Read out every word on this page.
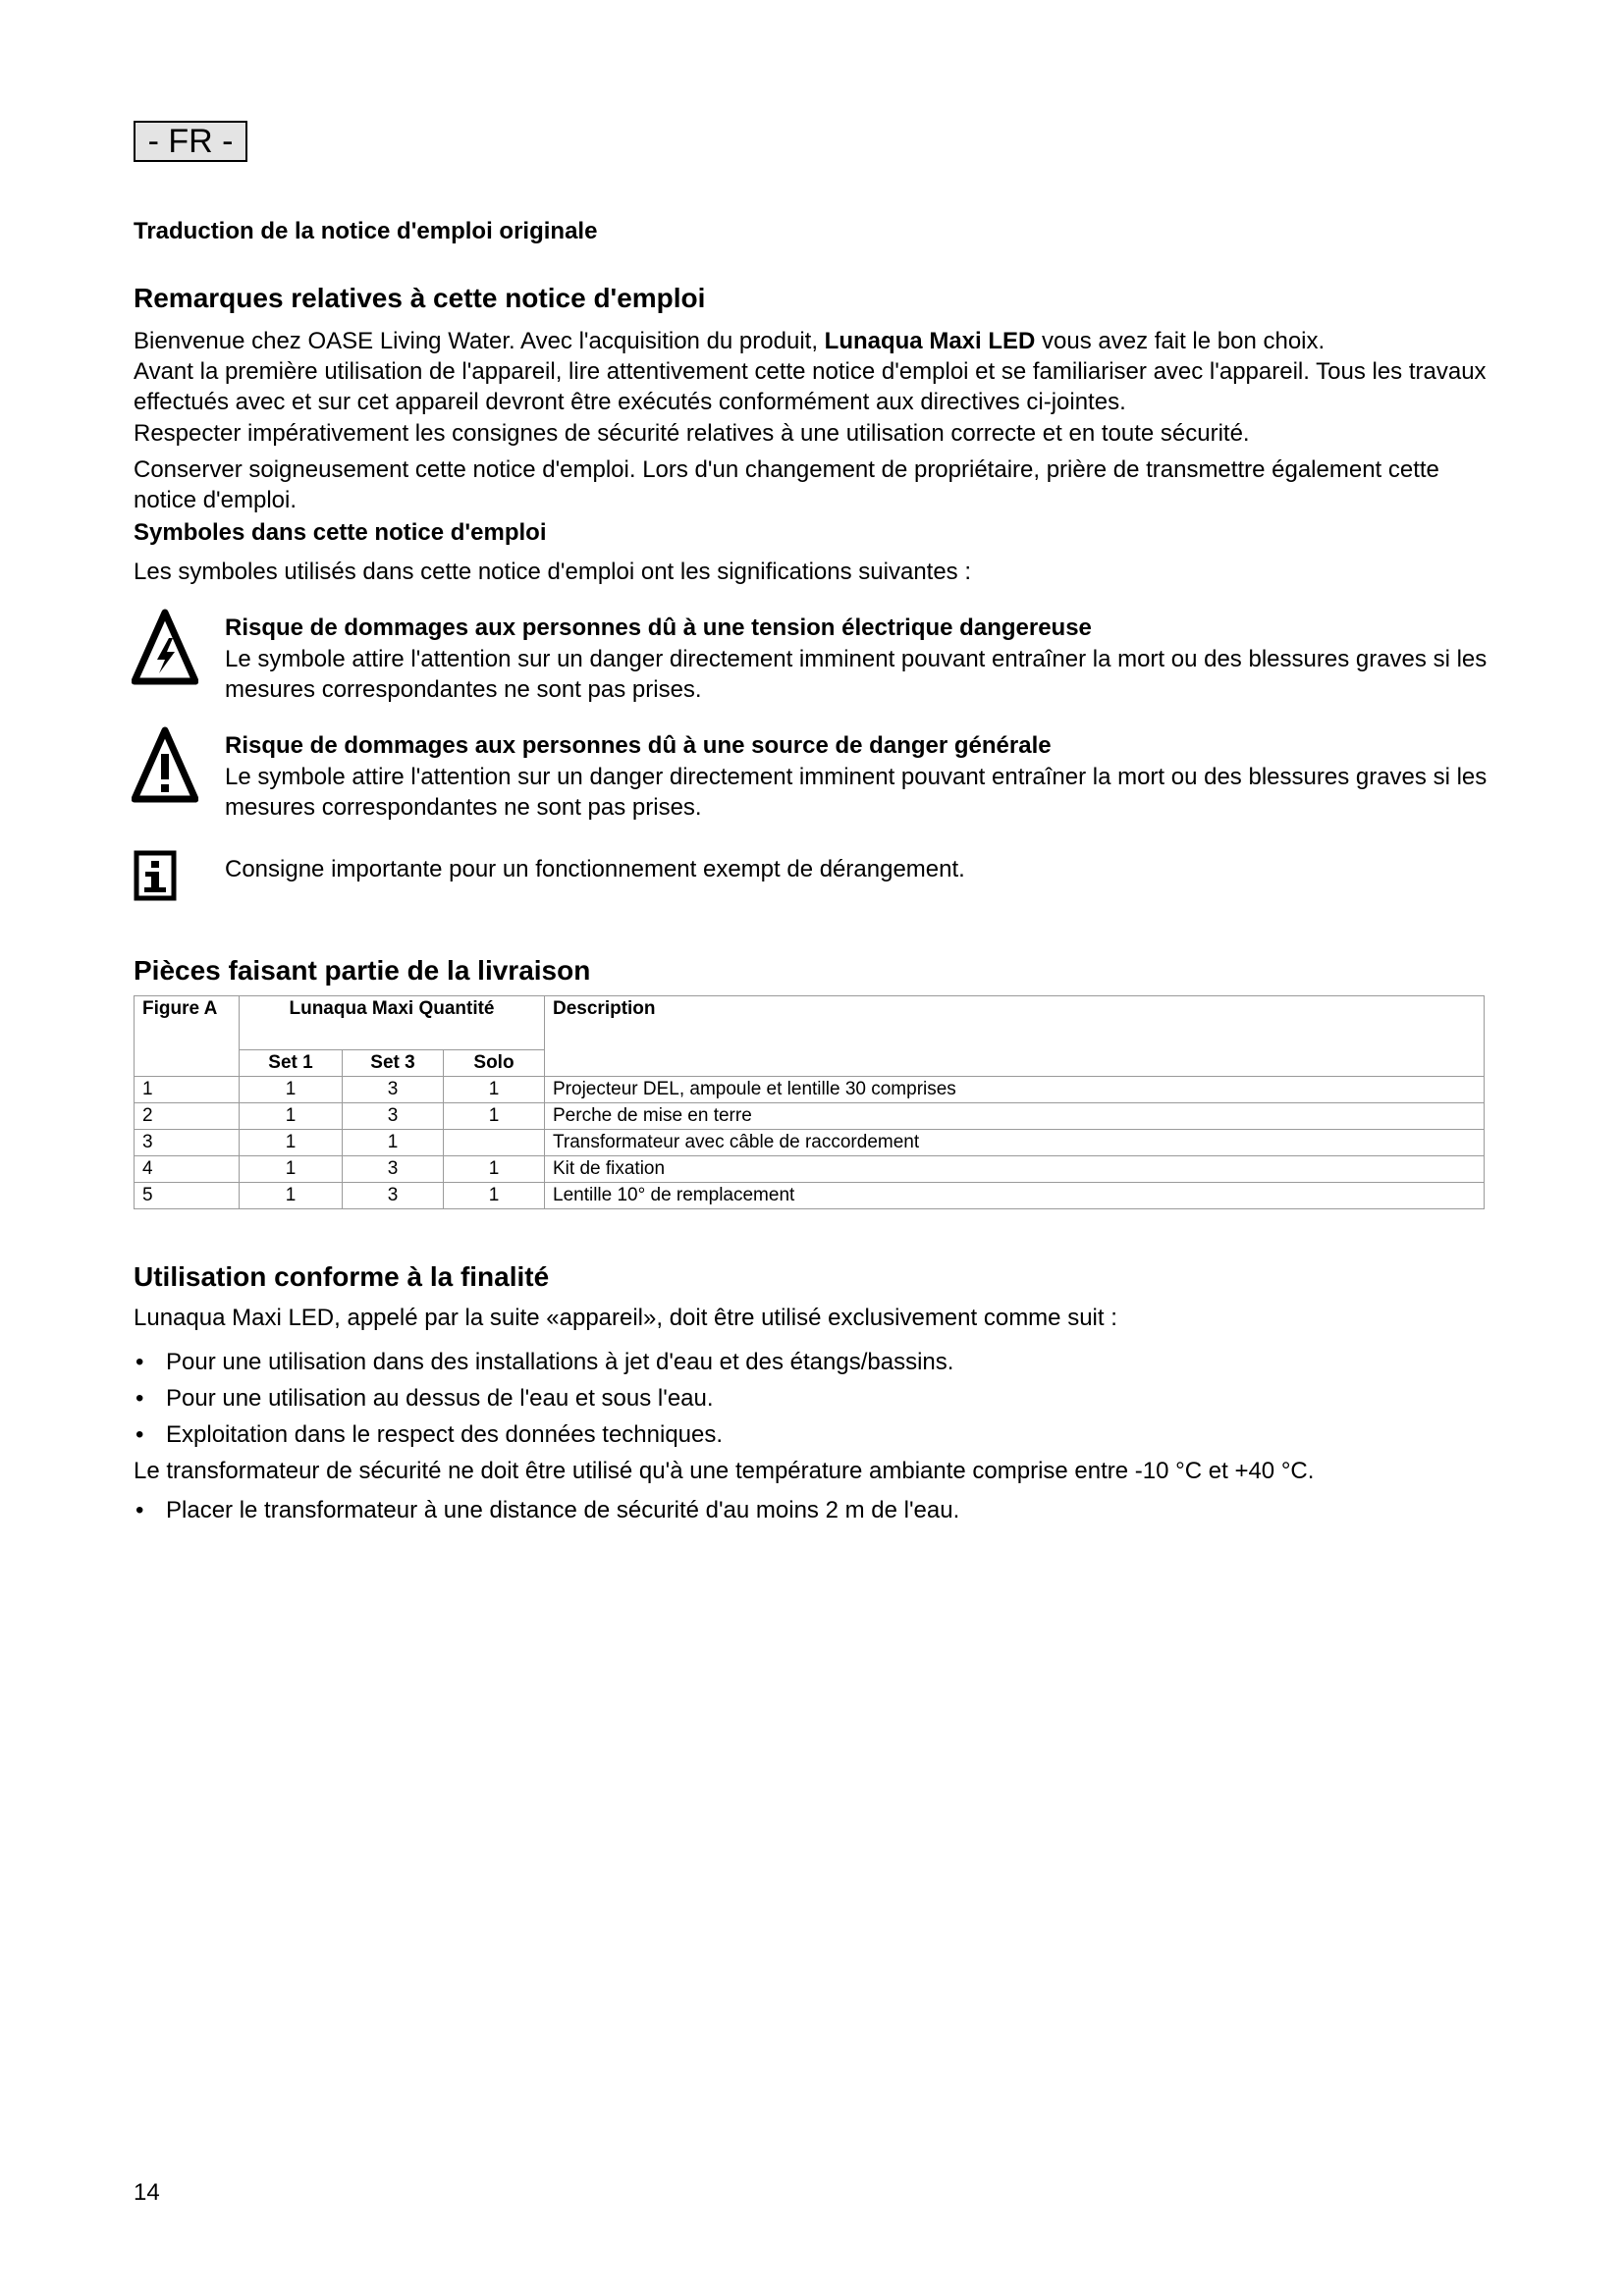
- FR -
Traduction de la notice d'emploi originale
Remarques relatives à cette notice d'emploi
Bienvenue chez OASE Living Water. Avec l'acquisition du produit, Lunaqua Maxi LED vous avez fait le bon choix.
Avant la première utilisation de l'appareil, lire attentivement cette notice d'emploi et se familiariser avec l'appareil. Tous les travaux effectués avec et sur cet appareil devront être exécutés conformément aux directives ci-jointes.
Respecter impérativement les consignes de sécurité relatives à une utilisation correcte et en toute sécurité.
Conserver soigneusement cette notice d'emploi. Lors d'un changement de propriétaire, prière de transmettre également cette notice d'emploi.
Symboles dans cette notice d'emploi
Les symboles utilisés dans cette notice d'emploi ont les significations suivantes :
Risque de dommages aux personnes dû à une tension électrique dangereuse
Le symbole attire l'attention sur un danger directement imminent pouvant entraîner la mort ou des blessures graves si les mesures correspondantes ne sont pas prises.
Risque de dommages aux personnes dû à une source de danger générale
Le symbole attire l'attention sur un danger directement imminent pouvant entraîner la mort ou des blessures graves si les mesures correspondantes ne sont pas prises.
Consigne importante pour un fonctionnement exempt de dérangement.
Pièces faisant partie de la livraison
Figure A	Lunaqua Maxi Quantité			Description
	Set 1	Set 3	Solo	
1	1	3	1	Projecteur DEL, ampoule et lentille 30 comprises
2	1	3	1	Perche de mise en terre
3	1	1		Transformateur avec câble de raccordement
4	1	3	1	Kit de fixation
5	1	3	1	Lentille 10° de remplacement
Utilisation conforme à la finalité
Lunaqua Maxi LED, appelé par la suite «appareil», doit être utilisé exclusivement comme suit :
• Pour une utilisation dans des installations à jet d'eau et des étangs/bassins.
• Pour une utilisation au dessus de l'eau et sous l'eau.
• Exploitation dans le respect des données techniques.
Le transformateur de sécurité ne doit être utilisé qu'à une température ambiante comprise entre -10 °C et +40 °C.
• Placer le transformateur à une distance de sécurité d'au moins 2 m de l'eau.
14
